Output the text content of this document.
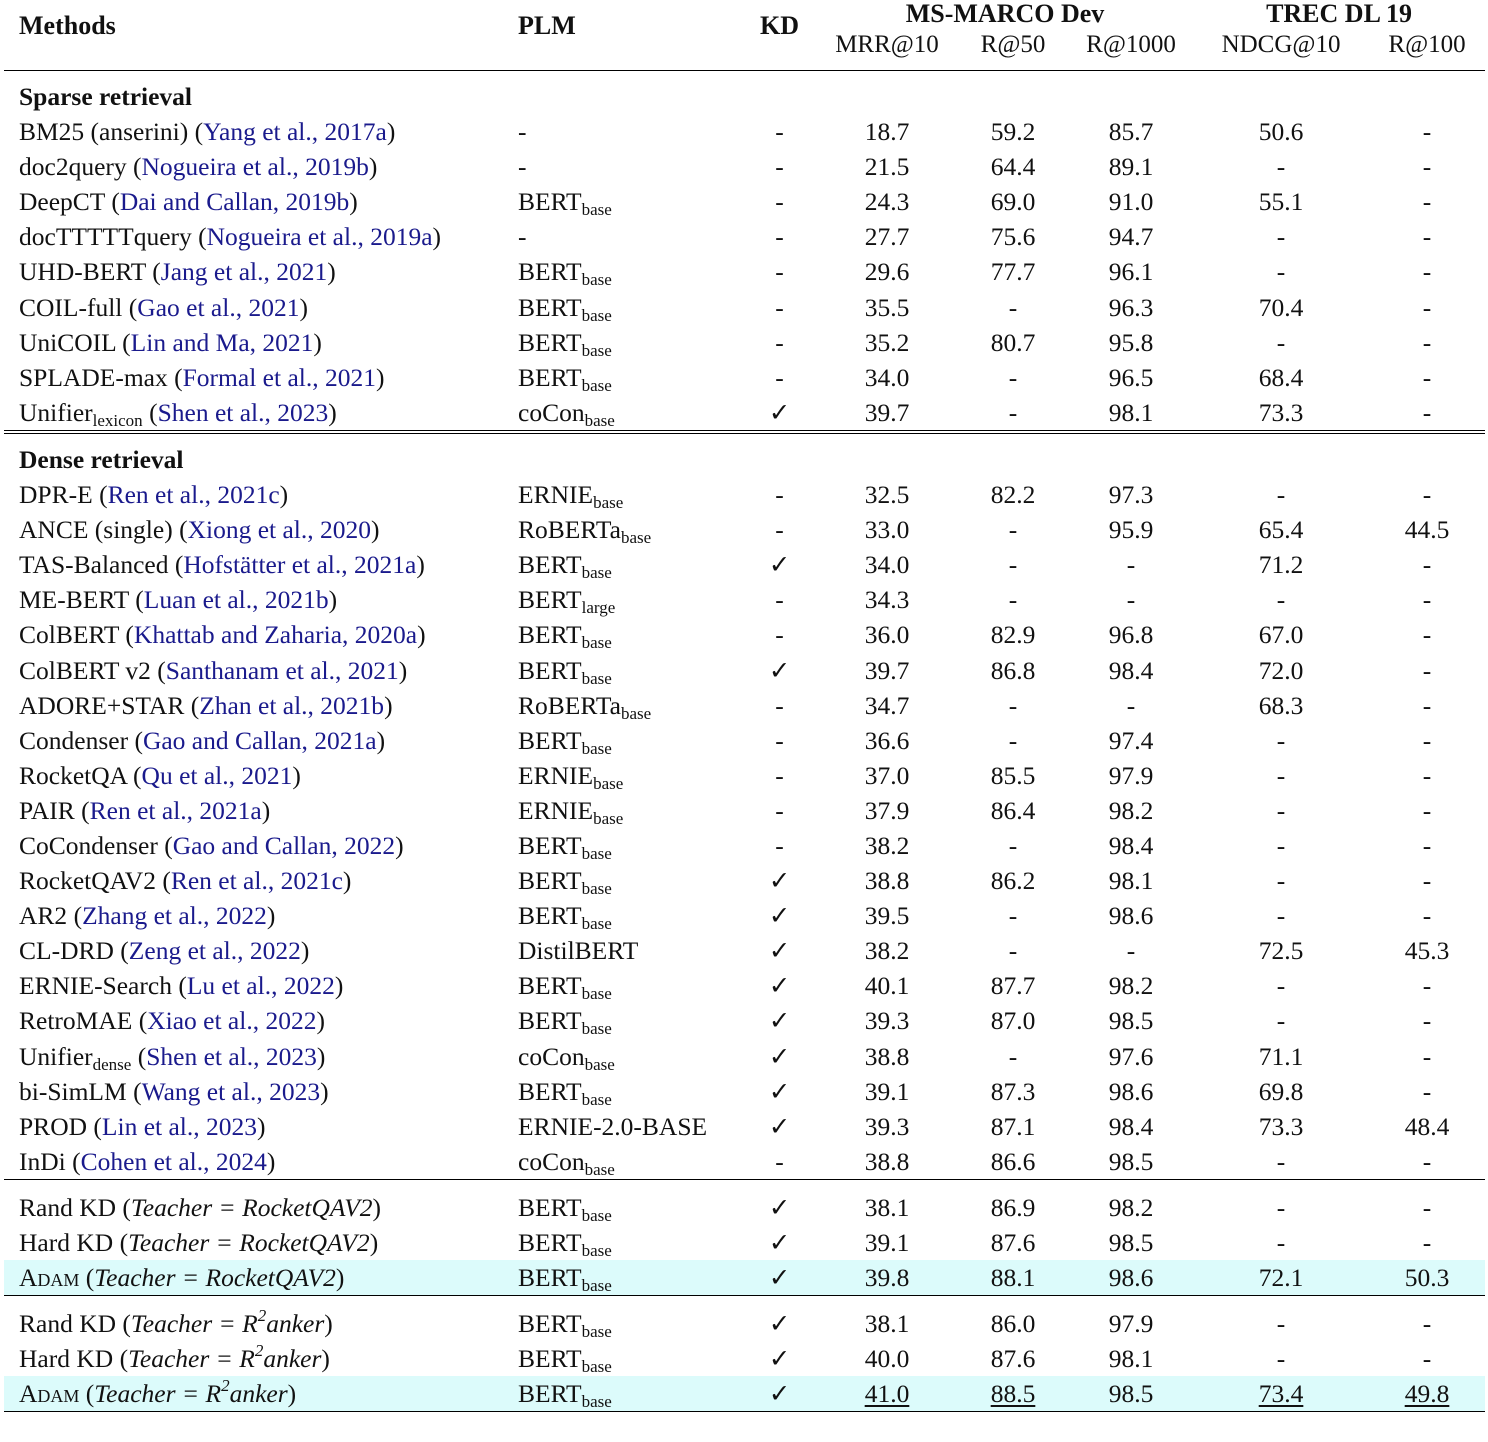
Methods	PLM	KD	MS-MARCO Dev			TREC DL 19	
			MRR@10	R@50	R@1000	NDCG@10	R@100
Sparse retrieval							
BM25 (anserini) (Yang et al., 2017a)	-	-	18.7	59.2	85.7	50.6	-
doc2query (Nogueira et al., 2019b)	-	-	21.5	64.4	89.1	-	-
DeepCT (Dai and Callan, 2019b)	$BERT_{base}$	-	24.3	69.0	91.0	55.1	-
docTTTTTquery (Nogueira et al., 2019a)	-	-	27.7	75.6	94.7	-	-
UHD-BERT (Jang et al., 2021)	$BERT_{base}$	-	29.6	77.7	96.1	-	-
COIL-full (Gao et al., 2021)	$BERT_{base}$	-	35.5	-	96.3	70.4	-
UniCOIL (Lin and Ma, 2021)	$BERT_{base}$	-	35.2	80.7	95.8	-	-
SPLADE-max (Formal et al., 2021)	$BERT_{base}$	-	34.0	-	96.5	68.4	-
Unifier$_{lexicon}$ (Shen et al., 2023)	coCon$_{base}$	✓	39.7	-	98.1	73.3	-
Dense retrieval							
DPR-E (Ren et al., 2021c)	$ERNIE_{base}$	-	32.5	82.2	97.3	-	-
ANCE (single) (Xiong et al., 2020)	RoBERTa$_{base}$	-	33.0	-	95.9	65.4	44.5
TAS-Balanced (Hofstätter et al., 2021a)	$BERT_{base}$	✓	34.0	-	-	71.2	-
ME-BERT (Luan et al., 2021b)	$BERT_{large}$	-	34.3	-	-	-	-
ColBERT (Khattab and Zaharia, 2020a)	$BERT_{base}$	-	36.0	82.9	96.8	67.0	-
ColBERT v2 (Santhanam et al., 2021)	$BERT_{base}$	✓	39.7	86.8	98.4	72.0	-
ADORE+STAR (Zhan et al., 2021b)	RoBERTa$_{base}$	-	34.7	-	-	68.3	-
Condenser (Gao and Callan, 2021a)	$BERT_{base}$	-	36.6	-	97.4	-	-
RocketQA (Qu et al., 2021)	$ERNIE_{base}$	-	37.0	85.5	97.9	-	-
PAIR (Ren et al., 2021a)	$ERNIE_{base}$	-	37.9	86.4	98.2	-	-
CoCondenser (Gao and Callan, 2022)	$BERT_{base}$	-	38.2	-	98.4	-	-
RocketQAV2 (Ren et al., 2021c)	$BERT_{base}$	✓	38.8	86.2	98.1	-	-
AR2 (Zhang et al., 2022)	$BERT_{base}$	✓	39.5	-	98.6	-	-
CL-DRD (Zeng et al., 2022)	DistilBERT	✓	38.2	-	-	72.5	45.3
ERNIE-Search (Lu et al., 2022)	$BERT_{base}$	✓	40.1	87.7	98.2	-	-
RetroMAE (Xiao et al., 2022)	$BERT_{base}$	✓	39.3	87.0	98.5	-	-
Unifier$_{dense}$ (Shen et al., 2023)	coCon$_{base}$	✓	38.8	-	97.6	71.1	-
bi-SimLM (Wang et al., 2023)	$BERT_{base}$	✓	39.1	87.3	98.6	69.8	-
PROD (Lin et al., 2023)	ERNIE-2.0-BASE	✓	39.3	87.1	98.4	73.3	48.4
InDi (Cohen et al., 2024)	coCon$_{base}$	-	38.8	86.6	98.5	-	-
Rand KD (Teacher = RocketQAV2)	$BERT_{base}$	✓	38.1	86.9	98.2	-	-
Hard KD (Teacher = RocketQAV2)	$BERT_{base}$	✓	39.1	87.6	98.5	-	-
Adam (Teacher = RocketQAV2)	$BERT_{base}$	✓	39.8	88.1	98.6	72.1	50.3
Rand KD (Teacher = $R^2anker$)	$BERT_{base}$	✓	38.1	86.0	97.9	-	-
Hard KD (Teacher = $R^2anker$)	$BERT_{base}$	✓	40.0	87.6	98.1	-	-
Adam (Teacher = $R^2anker$)	$BERT_{base}$	✓	41.0	88.5	98.5	73.4	49.8
